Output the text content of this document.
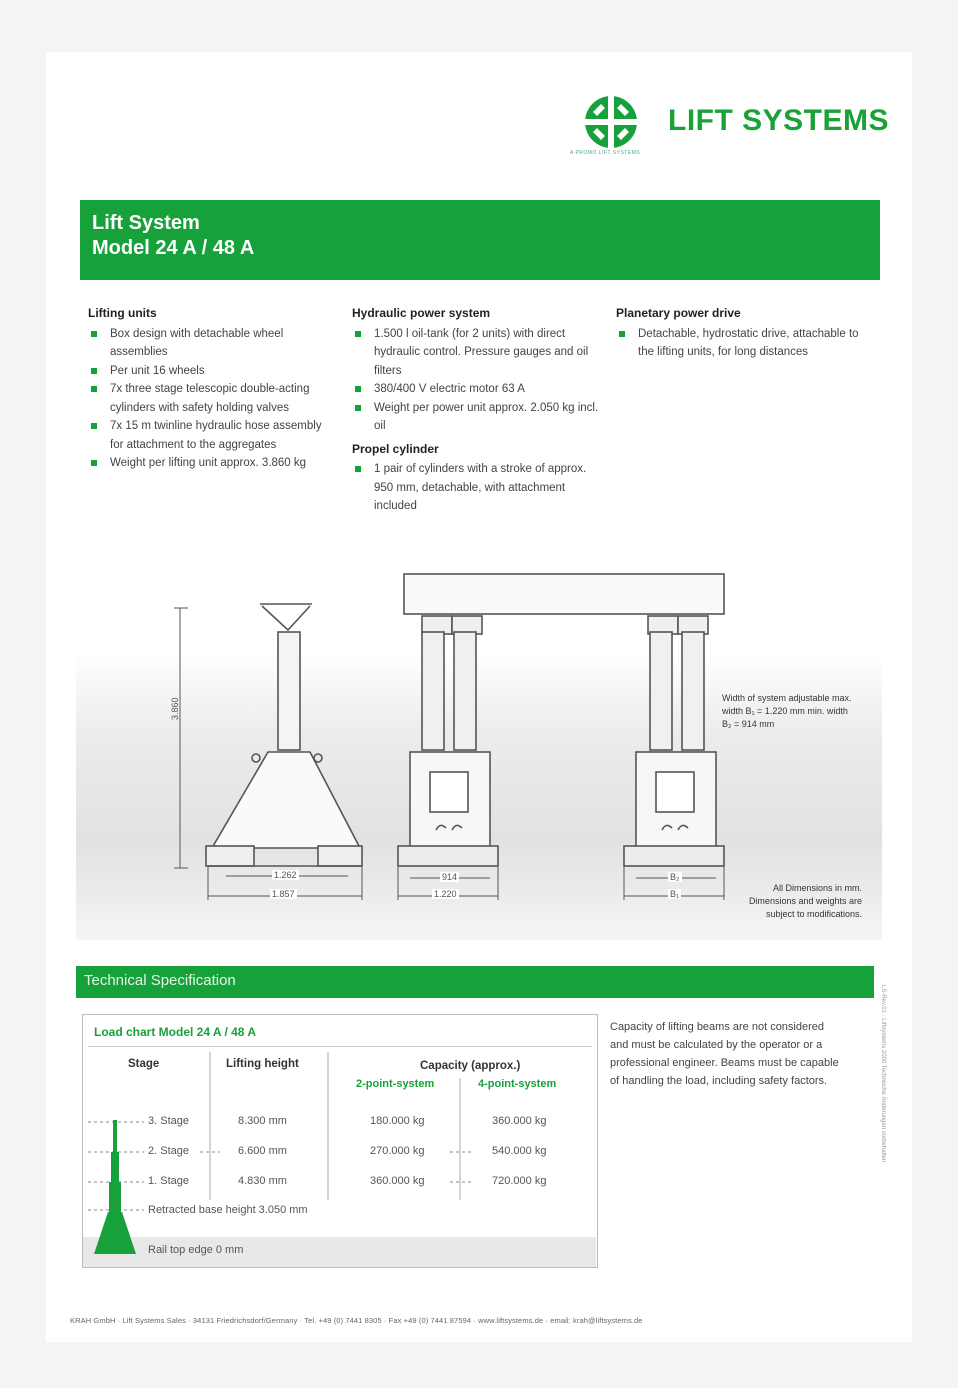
LIFT SYSTEMS
A PROMO LIFT SYSTEMS
Lift System
Model 24 A / 48 A
Lifting units
Box design with detachable wheel assemblies
Per unit 16 wheels
7x three stage telescopic double-acting cylinders with safety holding valves
7x 15 m twinline hydraulic hose assembly for attachment to the aggregates
Weight per lifting unit approx. 3.860 kg
Hydraulic power system
1.500 l oil-tank (for 2 units) with direct hydraulic control. Pressure gauges and oil filters
380/400 V electric motor 63 A
Weight per power unit approx. 2.050 kg incl. oil
Propel cylinder
1 pair of cylinders with a stroke of approx. 950 mm, detachable, with attachment included
Planetary power drive
Detachable, hydrostatic drive, attachable to the lifting units, for long distances
3.860
1.262
1.857
914
1.220
B₂
B₁
Width of system adjustable max. width B₁ = 1.220 mm min. width B₂ = 914 mm
All Dimensions in mm. Dimensions and weights are subject to modifications.
Technical Specification
Load chart Model 24 A / 48 A
Stage	Lifting height	Capacity (approx.)
2-point-system	4-point-system
3. Stage	8.300 mm	180.000 kg	360.000 kg
2. Stage	6.600 mm	270.000 kg	540.000 kg
1. Stage	4.830 mm	360.000 kg	720.000 kg
Retracted base height 3.050 mm
Rail top edge 0 mm
Capacity of lifting beams are not considered and must be calculated by the operator or a professional engineer. Beams must be capable of handling the load, including safety factors.	LS-Rev.01 · Liftsystems 2000 Technische Änderungen vorbehalten
KRAH GmbH · Lift Systems Sales · 34131 Friedrichsdorf/Germany · Tel. +49 (0) 7441 8305 · Fax +49 (0) 7441 87594 · www.liftsystems.de · email: krah@liftsystems.de
